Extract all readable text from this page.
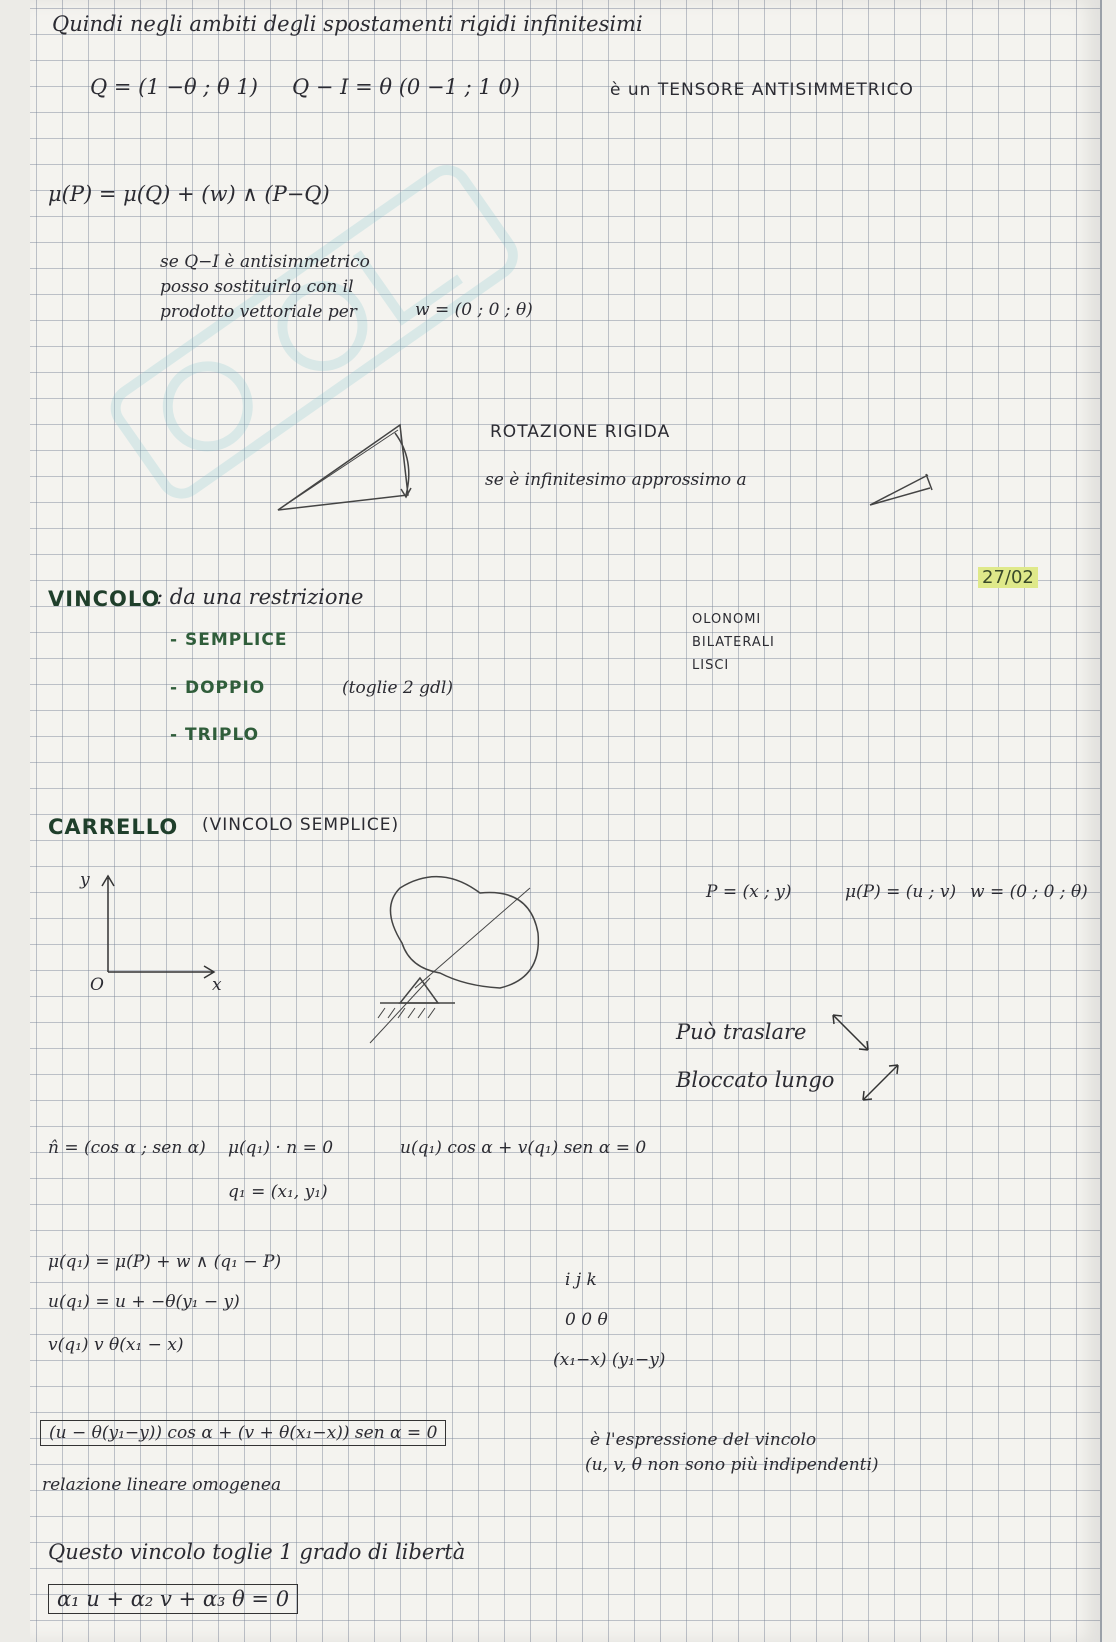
Quindi negli ambiti degli spostamenti rigidi infinitesimi
Q = (1 −θ ; θ 1) Q − I = θ (0 −1 ; 1 0)	è un TENSORE ANTISIMMETRICO
μ(P) = μ(Q) + (w) ∧ (P−Q)
se Q−I è antisimmetrico
posso sostituirlo con il
prodotto vettoriale per	w = (0 ; 0 ; θ)
ROTAZIONE RIGIDA
se è infinitesimo approssimo a
27/02
VINCOLO
: da una restrizione
- SEMPLICE
- DOPPIO	(toglie 2 gdl)
- TRIPLO
OLONOMI
BILATERALI
LISCI
CARRELLO (VINCOLO SEMPLICE)
y
x
O
P = (x ; y)	μ(P) = (u ; v) w = (0 ; 0 ; θ)
Può traslare
Bloccato lungo
n̂ = (cos α ; sen α) μ(q₁) · n = 0	u(q₁) cos α + v(q₁) sen α = 0
q₁ = (x₁, y₁)
μ(q₁) = μ(P) + w ∧ (q₁ − P)
u(q₁) = u + −θ(y₁ − y)
v(q₁) v θ(x₁ − x)
i j k
0 0 θ
(x₁−x) (y₁−y)
(u − θ(y₁−y)) cos α + (v + θ(x₁−x)) sen α = 0	è l'espressione del vincolo
(u, v, θ non sono più indipendenti)
relazione lineare omogenea
Questo vincolo toglie 1 grado di libertà
α₁ u + α₂ v + α₃ θ = 0
